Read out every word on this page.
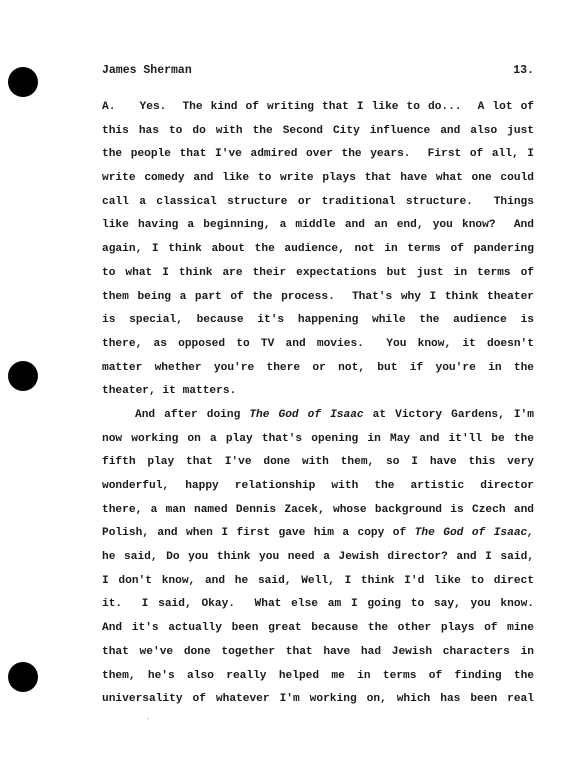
James Sherman	13.
A.   Yes.  The kind of writing that I like to do...  A lot of
this has to do with the Second City influence and also just
the people that I've admired over the years.  First of all, I
write comedy and like to write plays that have what one could
call a classical structure or traditional structure.  Things
like having a beginning, a middle and an end, you know?  And
again, I think about the audience, not in terms of pandering
to what I think are their expectations but just in terms of
them being a part of the process.  That's why I think theater
is special, because it's happening while the audience is
there, as opposed to TV and movies.  You know, it doesn't
matter whether you're there or not, but if you're in the
theater, it matters.
And after doing The God of Isaac at Victory Gardens, I'm
now working on a play that's opening in May and it'll be the
fifth play that I've done with them, so I have this very
wonderful, happy relationship with the artistic director
there, a man named Dennis Zacek, whose background is Czech and
Polish, and when I first gave him a copy of The God of Isaac,
he said, Do you think you need a Jewish director? and I said,
I don't know, and he said, Well, I think I'd like to direct
it.  I said, Okay.  What else am I going to say, you know.
And it's actually been great because the other plays of mine
that we've done together that have had Jewish characters in
them, he's also really helped me in terms of finding the
universality of whatever I'm working on, which has been real
